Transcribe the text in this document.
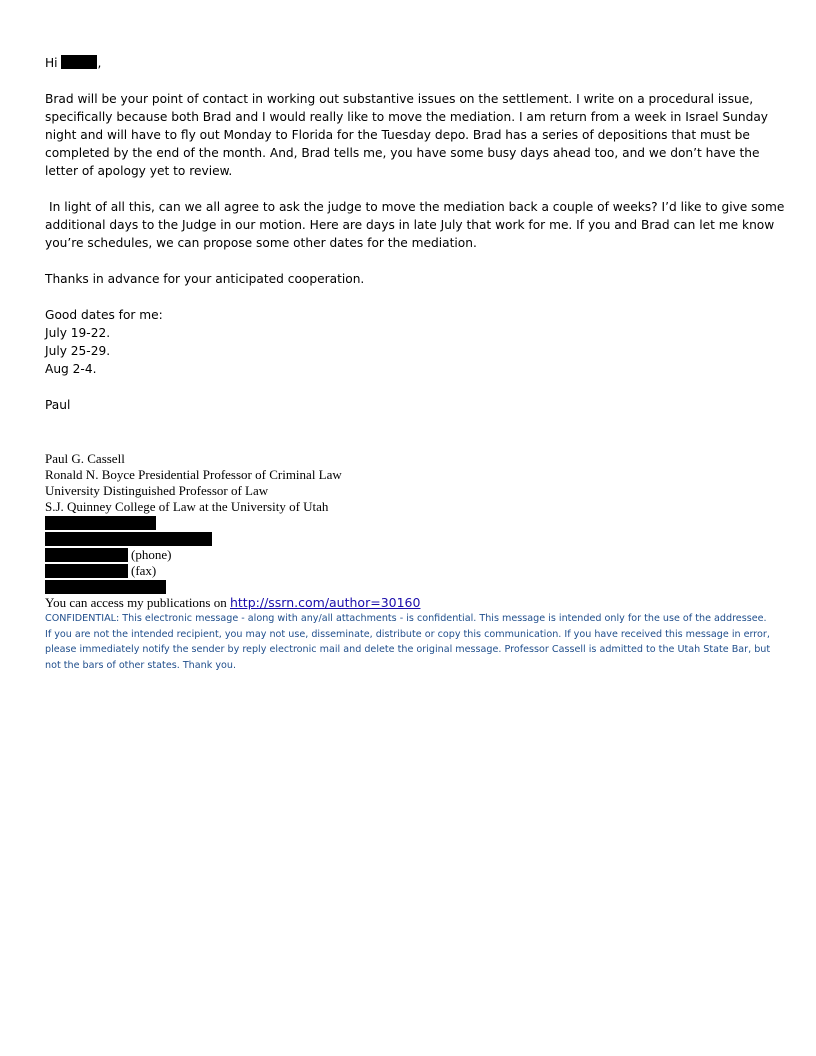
Hi	,

Brad will be your point of contact in working out substantive issues on the settlement. I write on a procedural issue, specifically because both Brad and I would really like to move the mediation. I am return from a week in Israel Sunday night and will have to fly out Monday to Florida for the Tuesday depo. Brad has a series of depositions that must be completed by the end of the month. And, Brad tells me, you have some busy days ahead too, and we don’t have the letter of apology yet to review.

In light of all this, can we all agree to ask the judge to move the mediation back a couple of weeks? I’d like to give some additional days to the Judge in our motion. Here are days in late July that work for me. If you and Brad can let me know you’re schedules, we can propose some other dates for the mediation.

Thanks in advance for your anticipated cooperation.

Good dates for me:
July 19-22.
July 25-29.
Aug 2-4.
Paul
Paul G. Cassell
Ronald N. Boyce Presidential Professor of Criminal Law
University Distinguished Professor of Law
S.J. Quinney College of Law at the University of Utah
(phone)
(fax)
You can access my publications on http://ssrn.com/author=30160
CONFIDENTIAL: This electronic message - along with any/all attachments - is confidential. This message is intended only for the use of the addressee. If you are not the intended recipient, you may not use, disseminate, distribute or copy this communication. If you have received this message in error, please immediately notify the sender by reply electronic mail and delete the original message. Professor Cassell is admitted to the Utah State Bar, but not the bars of other states. Thank you.
